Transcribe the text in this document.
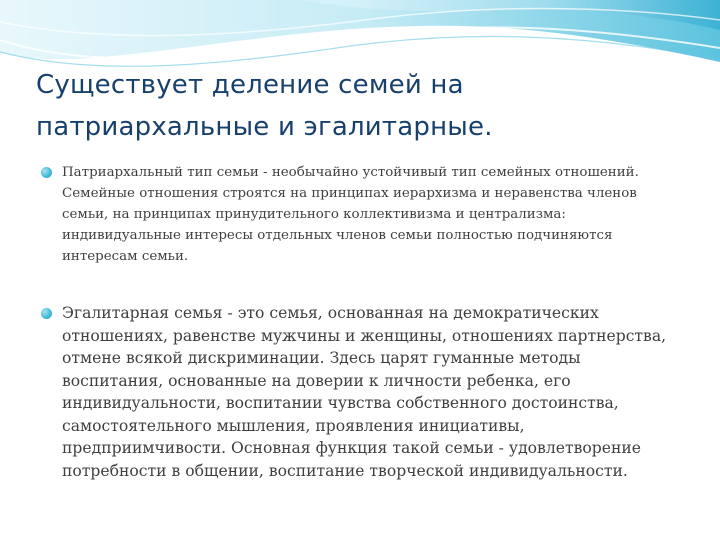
Существует деление семей на патриархальные и эгалитарные.
Патриархальный тип семьи - необычайно устойчивый тип семейных отношений. Семейные отношения строятся на принципах иерархизма и неравенства членов семьи, на принципах принудительного коллективизма и централизма: индивидуальные интересы отдельных членов семьи полностью подчиняются интересам семьи.
Эгалитарная семья - это семья, основанная на демократических отношениях, равенстве мужчины и женщины, отношениях партнерства, отмене всякой дискриминации. Здесь царят гуманные методы воспитания, основанные на доверии к личности ребенка, его индивидуальности, воспитании чувства собственного достоинства, самостоятельного мышления, проявления инициативы, предприимчивости. Основная функция такой семьи - удовлетворение потребности в общении, воспитание творческой индивидуальности.
